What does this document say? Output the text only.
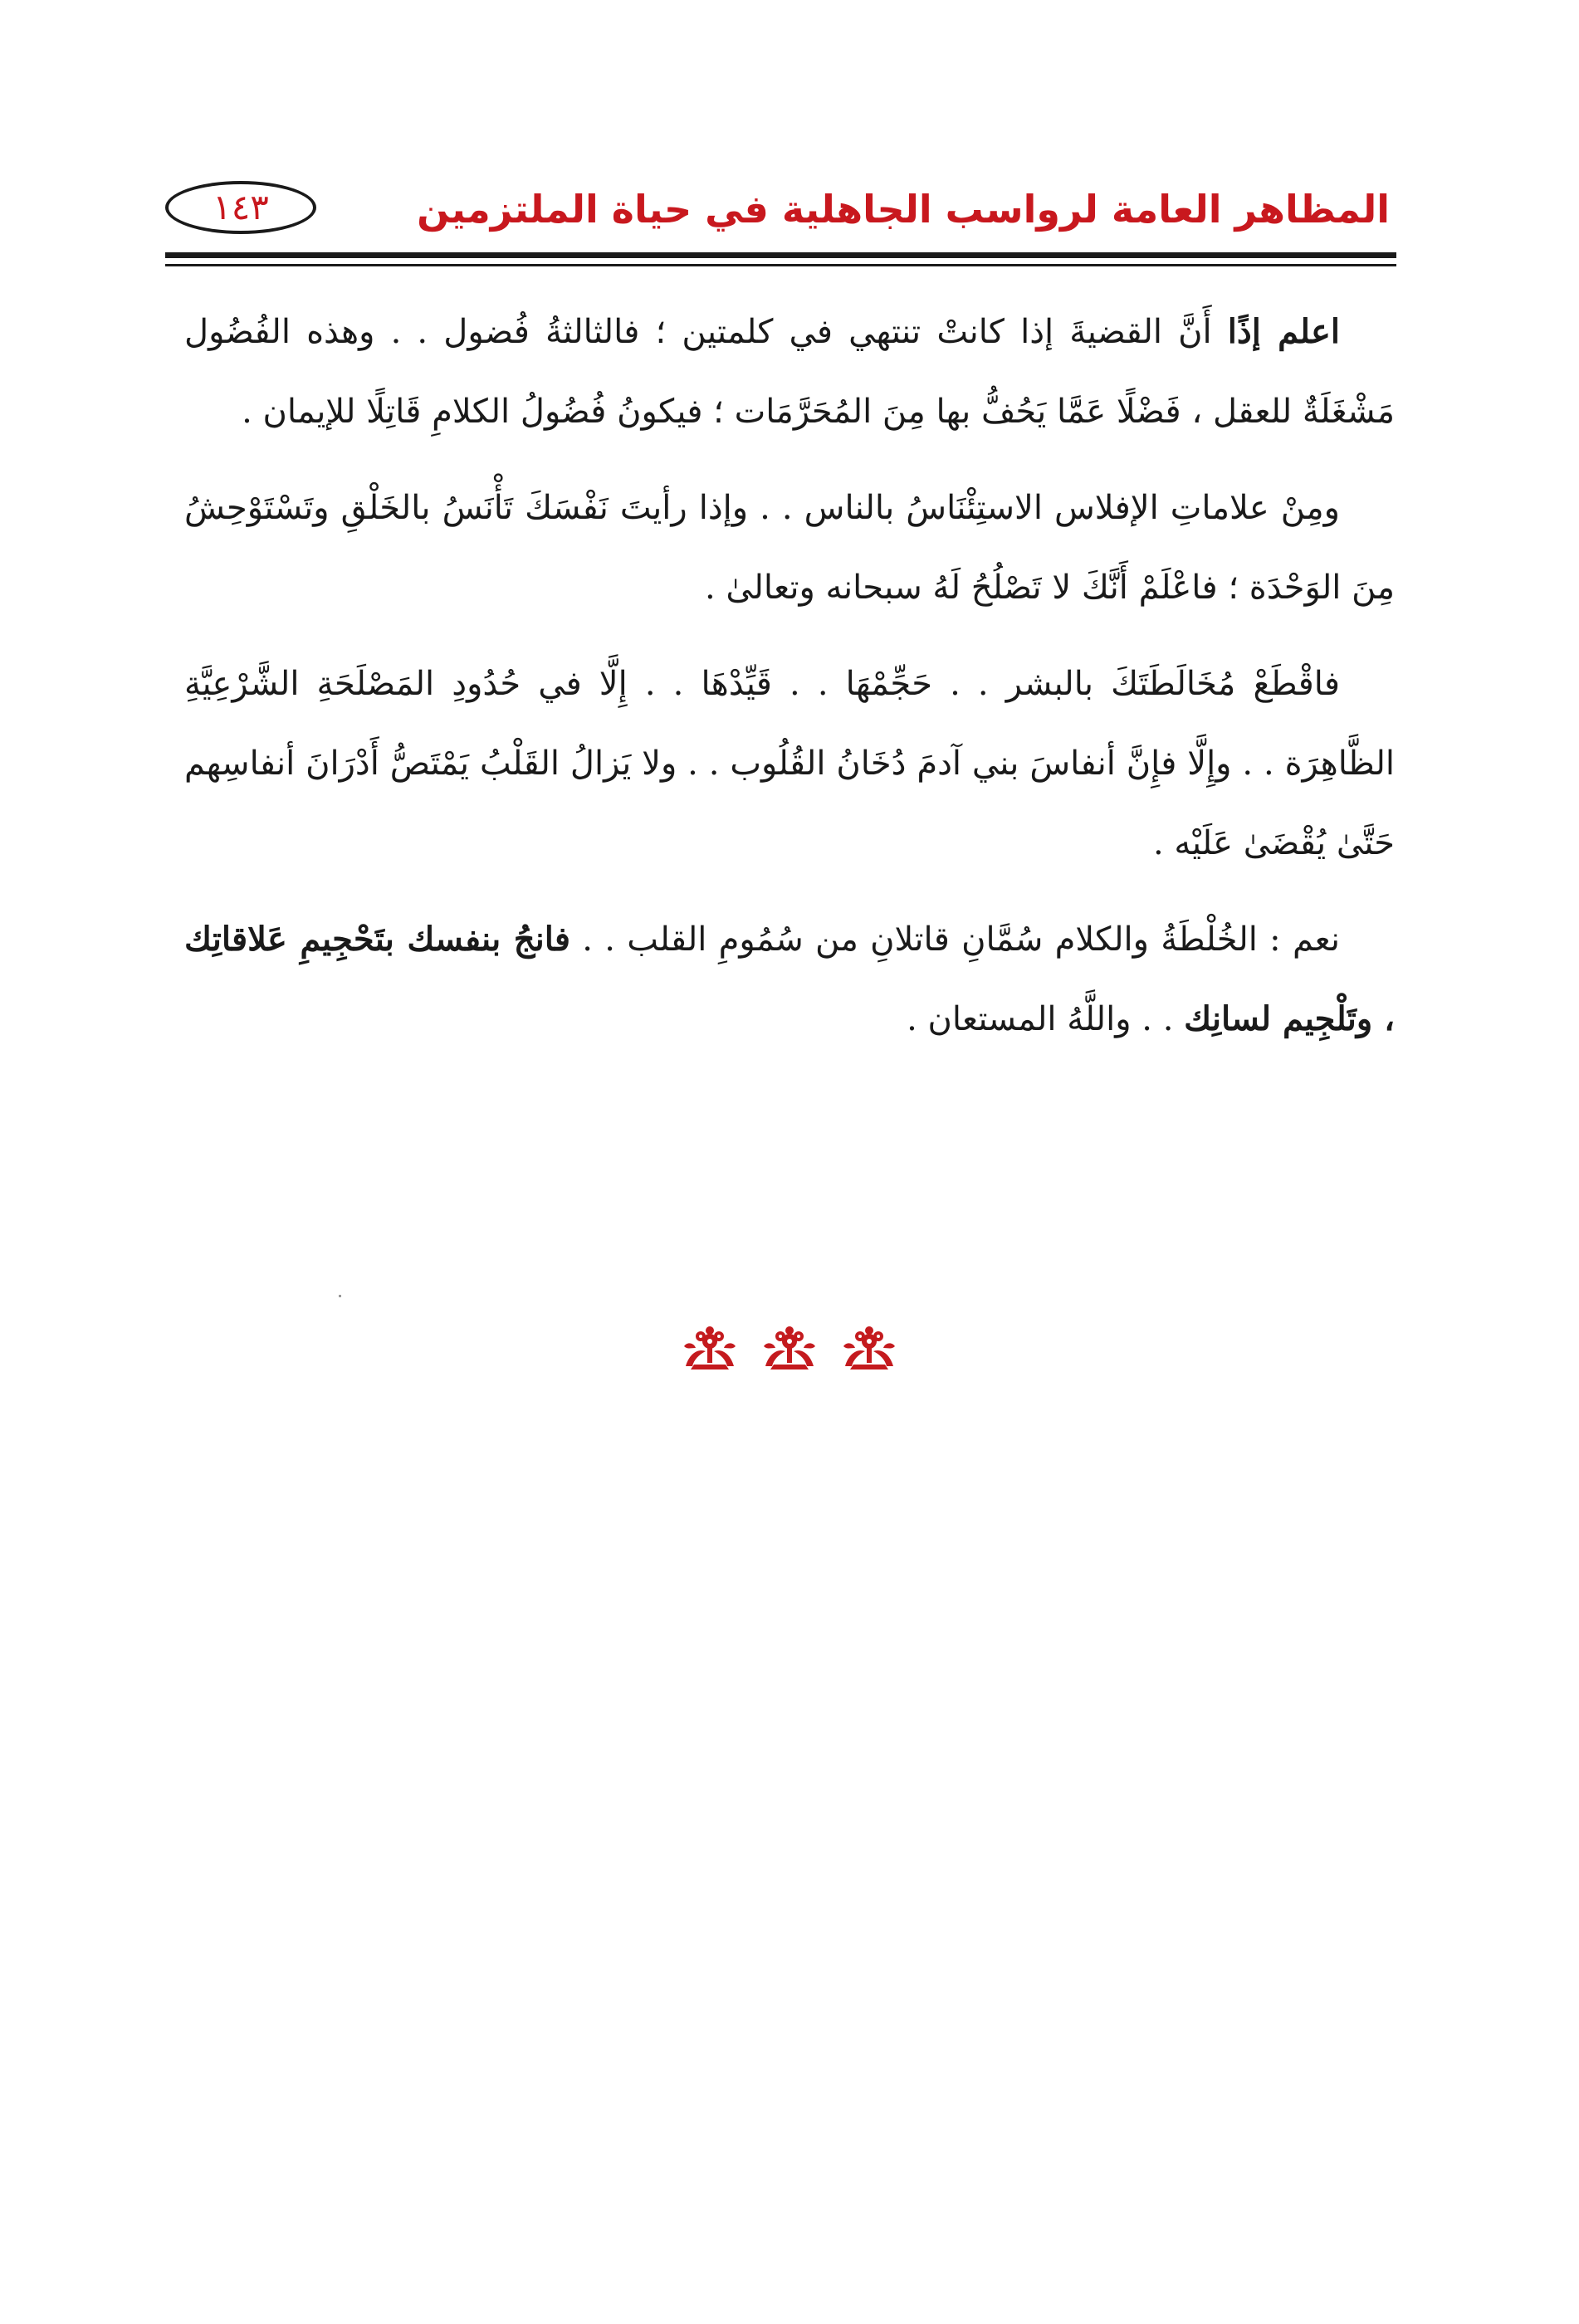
المظاهر العامة لرواسب الجاهلية في حياة الملتزمين
١٤٣

اعلم إذًا أَنَّ القضيةَ إذا كانتْ تنتهي في كلمتين ؛ فالثالثةُ فُضول . . وهذه الفُضُول مَشْغَلَةٌ للعقل ، فَضْلًا عَمَّا يَحُفُّ بها مِنَ المُحَرَّمَات ؛ فيكونُ فُضُولُ الكلامِ قَاتِلًا للإيمان .

ومِنْ علاماتِ الإفلاس الاستِئْنَاسُ بالناس . . وإذا رأيتَ نَفْسَكَ تَأْنَسُ بالخَلْقِ وتَسْتَوْحِشُ مِنَ الوَحْدَة ؛ فاعْلَمْ أَنَّكَ لا تَصْلُحُ لَهُ سبحانه وتعالىٰ .

فاقْطَعْ مُخَالَطَتَكَ بالبشر . . حَجِّمْهَا . . قَيِّدْهَا . . إِلَّا في حُدُودِ المَصْلَحَةِ الشَّرْعِيَّةِ الظَّاهِرَة . . وإِلَّا فإِنَّ أنفاسَ بني آدمَ دُخَانُ القُلُوب . . ولا يَزالُ القَلْبُ يَمْتَصُّ أَدْرَانَ أنفاسِهم حَتَّىٰ يُقْضَىٰ عَلَيْه .

نعم : الخُلْطَةُ والكلام سُمَّانِ قاتلانِ من سُمُومِ القلب . . فانجُ بنفسك بتَحْجِيمِ عَلاقاتِك ، وتَلْجِيم لسانِك . . واللَّهُ المستعان .
